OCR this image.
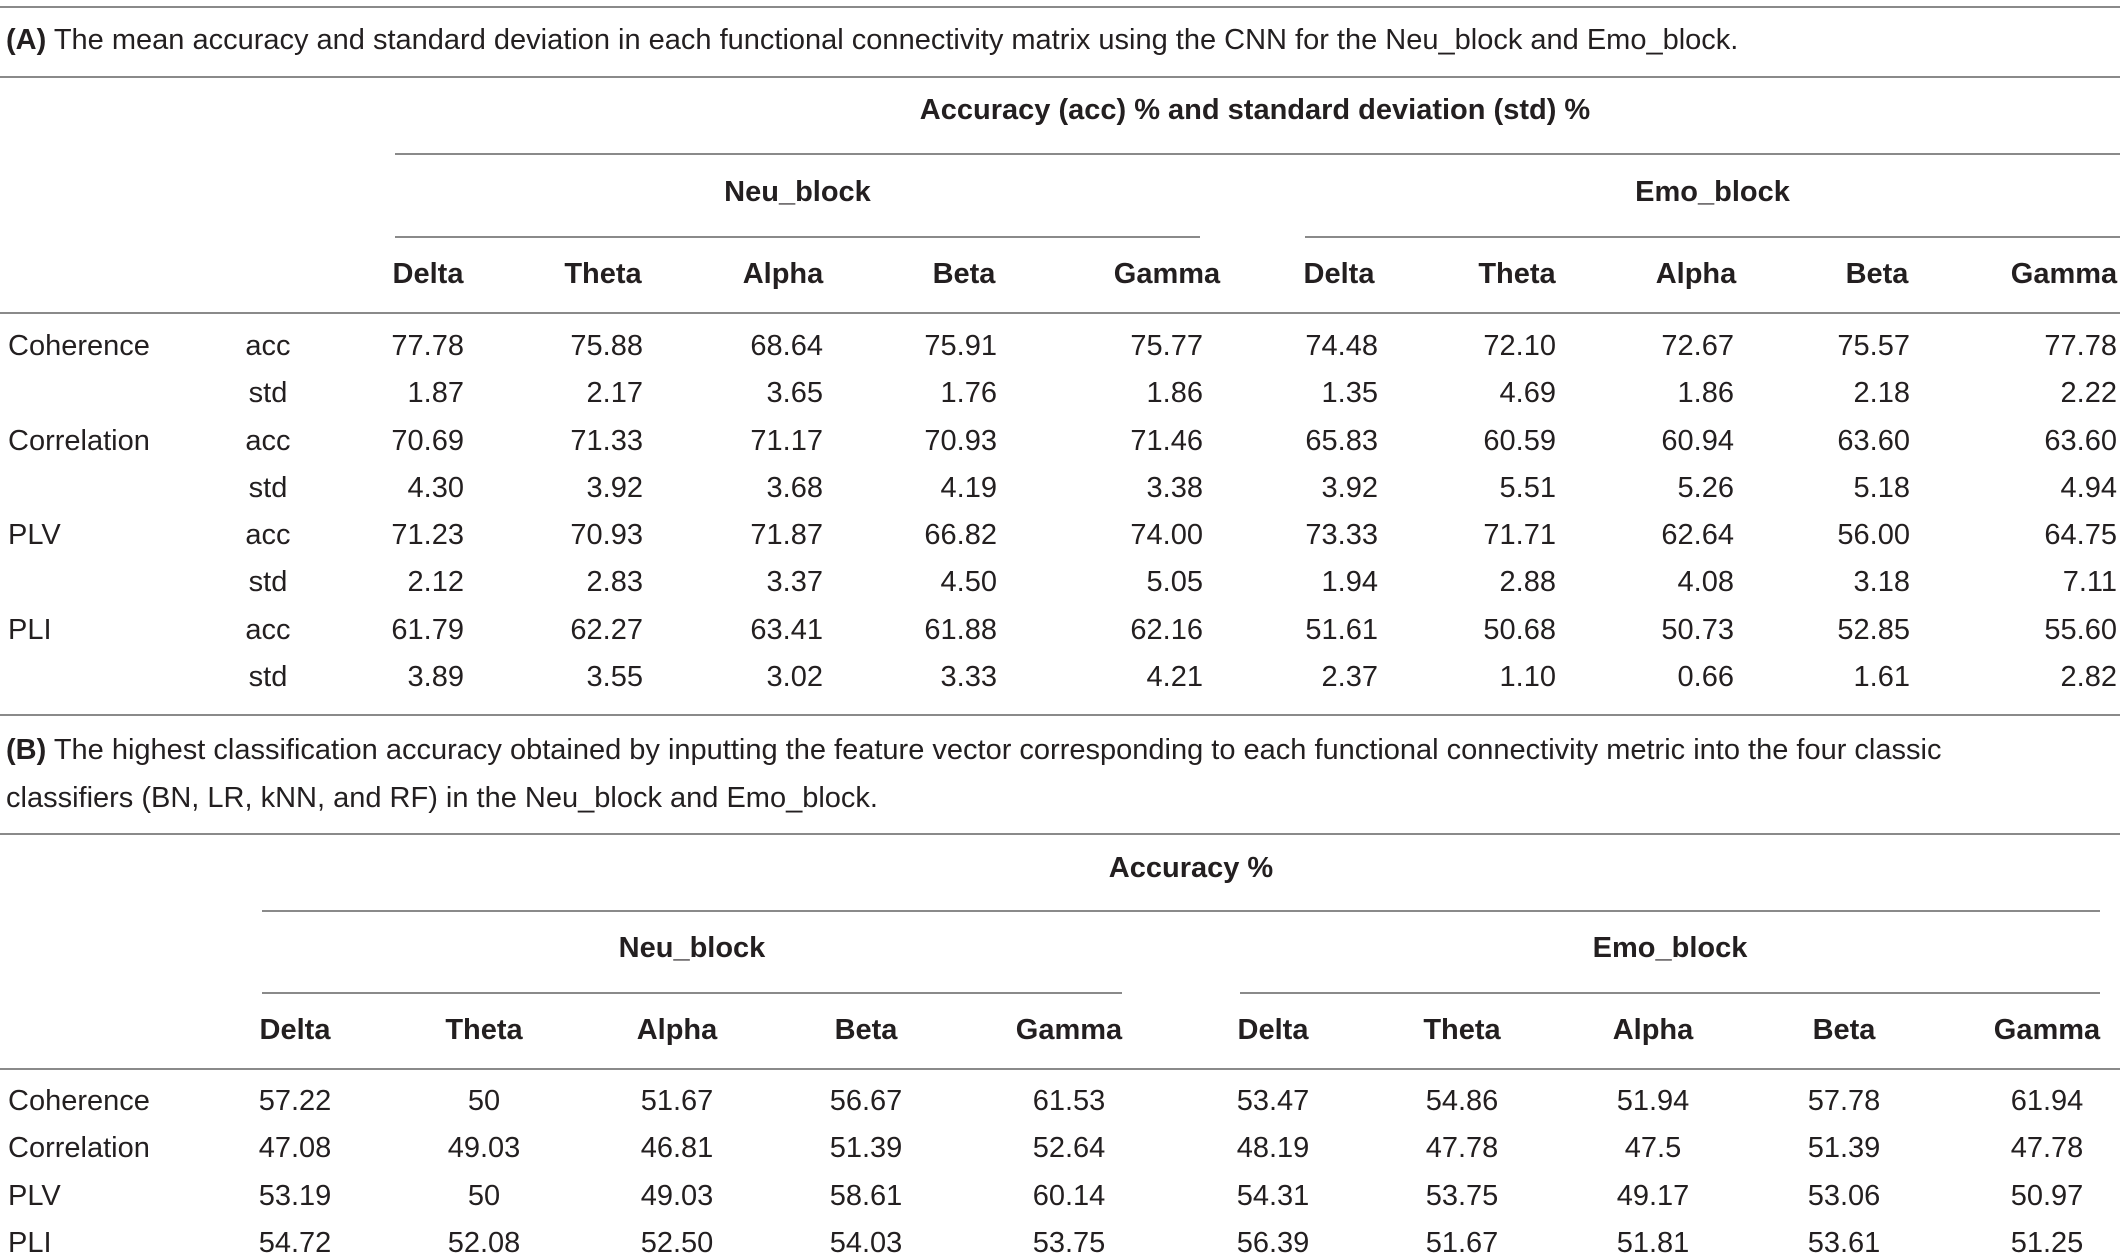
(A) The mean accuracy and standard deviation in each functional connectivity matrix using the CNN for the Neu_block and Emo_block.
Accuracy (acc) % and standard deviation (std) %
Neu_block	Emo_block
Delta	Theta	Alpha	Beta	Gamma	Delta	Theta	Alpha	Beta	Gamma
Coherence	acc	77.78	75.88	68.64	75.91	75.77	74.48	72.10	72.67	75.57	77.78
std	1.87	2.17	3.65	1.76	1.86	1.35	4.69	1.86	2.18	2.22
Correlation	acc	70.69	71.33	71.17	70.93	71.46	65.83	60.59	60.94	63.60	63.60
std	4.30	3.92	3.68	4.19	3.38	3.92	5.51	5.26	5.18	4.94
PLV	acc	71.23	70.93	71.87	66.82	74.00	73.33	71.71	62.64	56.00	64.75
std	2.12	2.83	3.37	4.50	5.05	1.94	2.88	4.08	3.18	7.11
PLI	acc	61.79	62.27	63.41	61.88	62.16	51.61	50.68	50.73	52.85	55.60
std	3.89	3.55	3.02	3.33	4.21	2.37	1.10	0.66	1.61	2.82
(B) The highest classification accuracy obtained by inputting the feature vector corresponding to each functional connectivity metric into the four classic
classifiers (BN, LR, kNN, and RF) in the Neu_block and Emo_block.
Accuracy %
Neu_block	Emo_block
Delta	Theta	Alpha	Beta	Gamma	Delta	Theta	Alpha	Beta	Gamma
Coherence	57.22	50	51.67	56.67	61.53	53.47	54.86	51.94	57.78	61.94
Correlation	47.08	49.03	46.81	51.39	52.64	48.19	47.78	47.5	51.39	47.78
PLV	53.19	50	49.03	58.61	60.14	54.31	53.75	49.17	53.06	50.97
PLI	54.72	52.08	52.50	54.03	53.75	56.39	51.67	51.81	53.61	51.25
